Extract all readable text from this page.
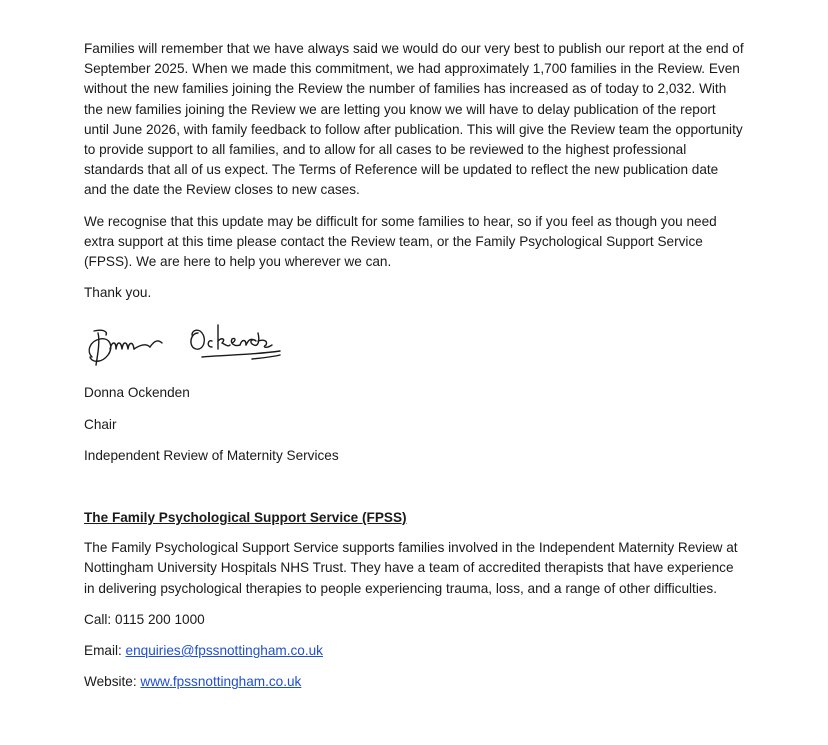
Families will remember that we have always said we would do our very best to publish our report at the end of September 2025. When we made this commitment, we had approximately 1,700 families in the Review. Even without the new families joining the Review the number of families has increased as of today to 2,032. With the new families joining the Review we are letting you know we will have to delay publication of the report until June 2026, with family feedback to follow after publication. This will give the Review team the opportunity to provide support to all families, and to allow for all cases to be reviewed to the highest professional standards that all of us expect. The Terms of Reference will be updated to reflect the new publication date and the date the Review closes to new cases.

We recognise that this update may be difficult for some families to hear, so if you feel as though you need extra support at this time please contact the Review team, or the Family Psychological Support Service (FPSS). We are here to help you wherever we can.

Thank you.

Donna Ockenden

Donna Ockenden

Chair

Independent Review of Maternity Services

The Family Psychological Support Service (FPSS)

The Family Psychological Support Service supports families involved in the Independent Maternity Review at Nottingham University Hospitals NHS Trust. They have a team of accredited therapists that have experience in delivering psychological therapies to people experiencing trauma, loss, and a range of other difficulties.

Call: 0115 200 1000

Email: enquiries@fpssnottingham.co.uk

Website: www.fpssnottingham.co.uk
